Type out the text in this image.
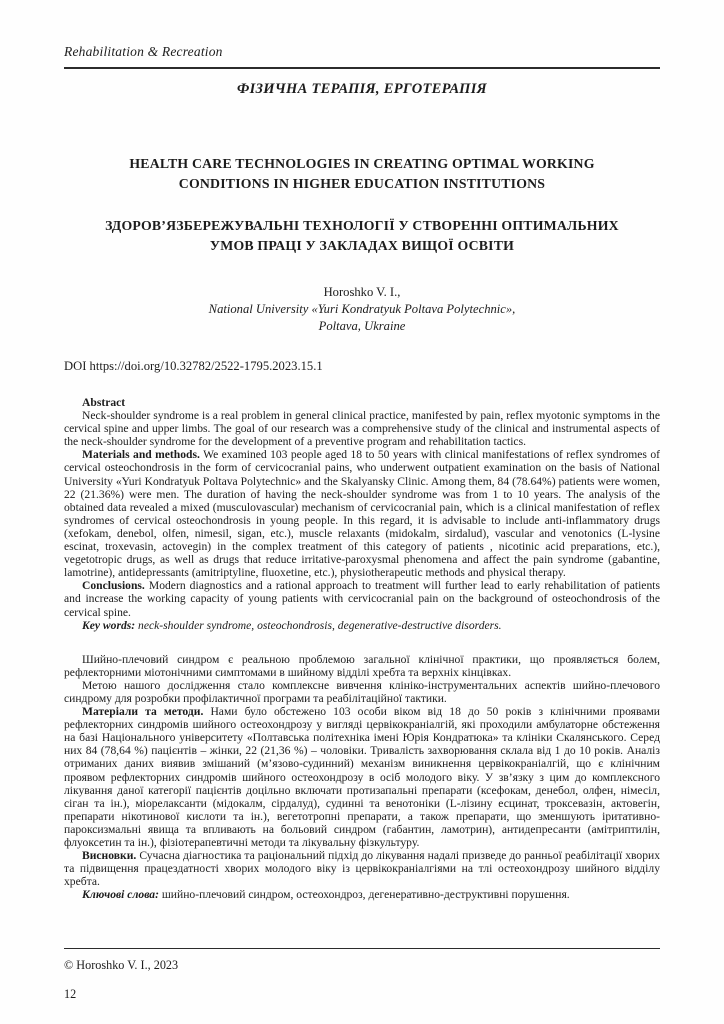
Rehabilitation & Recreation
ФІЗИЧНА ТЕРАПІЯ, ЕРГОТЕРАПІЯ
HEALTH CARE TECHNOLOGIES IN CREATING OPTIMAL WORKING CONDITIONS IN HIGHER EDUCATION INSTITUTIONS
ЗДОРОВ’ЯЗБЕРЕЖУВАЛЬНІ ТЕХНОЛОГІЇ У СТВОРЕННІ ОПТИМАЛЬНИХ УМОВ ПРАЦІ У ЗАКЛАДАХ ВИЩОЇ ОСВІТИ
Horoshko V. I.,
National University «Yuri Kondratyuk Poltava Polytechnic»,
Poltava, Ukraine
DOI https://doi.org/10.32782/2522-1795.2023.15.1

Abstract

Neck-shoulder syndrome is a real problem in general clinical practice, manifested by pain, reflex myotonic symptoms in the cervical spine and upper limbs. The goal of our research was a comprehensive study of the clinical and instrumental aspects of the neck-shoulder syndrome for the development of a preventive program and rehabilitation tactics.

Materials and methods. We examined 103 people aged 18 to 50 years with clinical manifestations of reflex syndromes of cervical osteochondrosis in the form of cervicocranial pains, who underwent outpatient examination on the basis of National University «Yuri Kondratyuk Poltava Polytechnic» and the Skalyansky Clinic. Among them, 84 (78.64%) patients were women, 22 (21.36%) were men. The duration of having the neck-shoulder syndrome was from 1 to 10 years. The analysis of the obtained data revealed a mixed (musculovascular) mechanism of cervicocranial pain, which is a clinical manifestation of reflex syndromes of cervical osteochondrosis in young people. In this regard, it is advisable to include anti-inflammatory drugs (xefokam, denebol, olfen, nimesil, sigan, etc.), muscle relaxants (midokalm, sirdalud), vascular and venotonics (L-lysine escinat, troxevasin, actovegin) in the complex treatment of this category of patients , nicotinic acid preparations, etc.), vegetotropic drugs, as well as drugs that reduce irritative-paroxysmal phenomena and affect the pain syndrome (gabantine, lamotrine), antidepressants (amitriptyline, fluoxetine, etc.), physiotherapeutic methods and physical therapy.

Conclusions. Modern diagnostics and a rational approach to treatment will further lead to early rehabilitation of patients and increase the working capacity of young patients with cervicocranial pain on the background of osteochondrosis of the cervical spine.

Key words: neck-shoulder syndrome, osteochondrosis, degenerative-destructive disorders.

Шийно-плечовий синдром є реальною проблемою загальної клінічної практики, що проявляється болем, рефлекторними міотонічними симптомами в шийному відділі хребта та верхніх кінцівках.

Метою нашого дослідження стало комплексне вивчення клініко-інструментальних аспектів шийно-плечового синдрому для розробки профілактичної програми та реабілітаційної тактики.

Матеріали та методи. Нами було обстежено 103 особи віком від 18 до 50 років з клінічними проявами рефлекторних синдромів шийного остеохондрозу у вигляді цервікокраніалгій, які проходили амбулаторне обстеження на базі Національного університету «Полтавська політехніка імені Юрія Кондратюка» та клініки Скалянського. Серед них 84 (78,64 %) пацієнтів – жінки, 22 (21,36 %) – чоловіки. Тривалість захворювання склала від 1 до 10 років. Аналіз отриманих даних виявив змішаний (м’язово-судинний) механізм виникнення цервікокраніалгій, що є клінічним проявом рефлекторних синдромів шийного остеохондрозу в осіб молодого віку. У зв’язку з цим до комплексного лікування даної категорії пацієнтів доцільно включати протизапальні препарати (ксефокам, денебол, олфен, німесіл, сіган та ін.), міорелаксанти (мідокалм, сірдалуд), судинні та венотоніки (L-лізину есцинат, троксевазін, актовегін, препарати нікотинової кислоти та ін.), вегетотропні препарати, а також препарати, що зменшують іритативно-пароксизмальні явища та впливають на больовий синдром (габантин, ламотрин), антидепресанти (амітриптилін, флуоксетин та ін.), фізіотерапевтичні методи та лікувальну фізкультуру.

Висновки. Сучасна діагностика та раціональний підхід до лікування надалі призведе до ранньої реабілітації хворих та підвищення працездатності хворих молодого віку із цервікокраніалгіями на тлі остеохондрозу шийного відділу хребта.

Ключові слова: шийно-плечовий синдром, остеохондроз, дегенеративно-деструктивні порушення.

© Horoshko V. I., 2023
12
